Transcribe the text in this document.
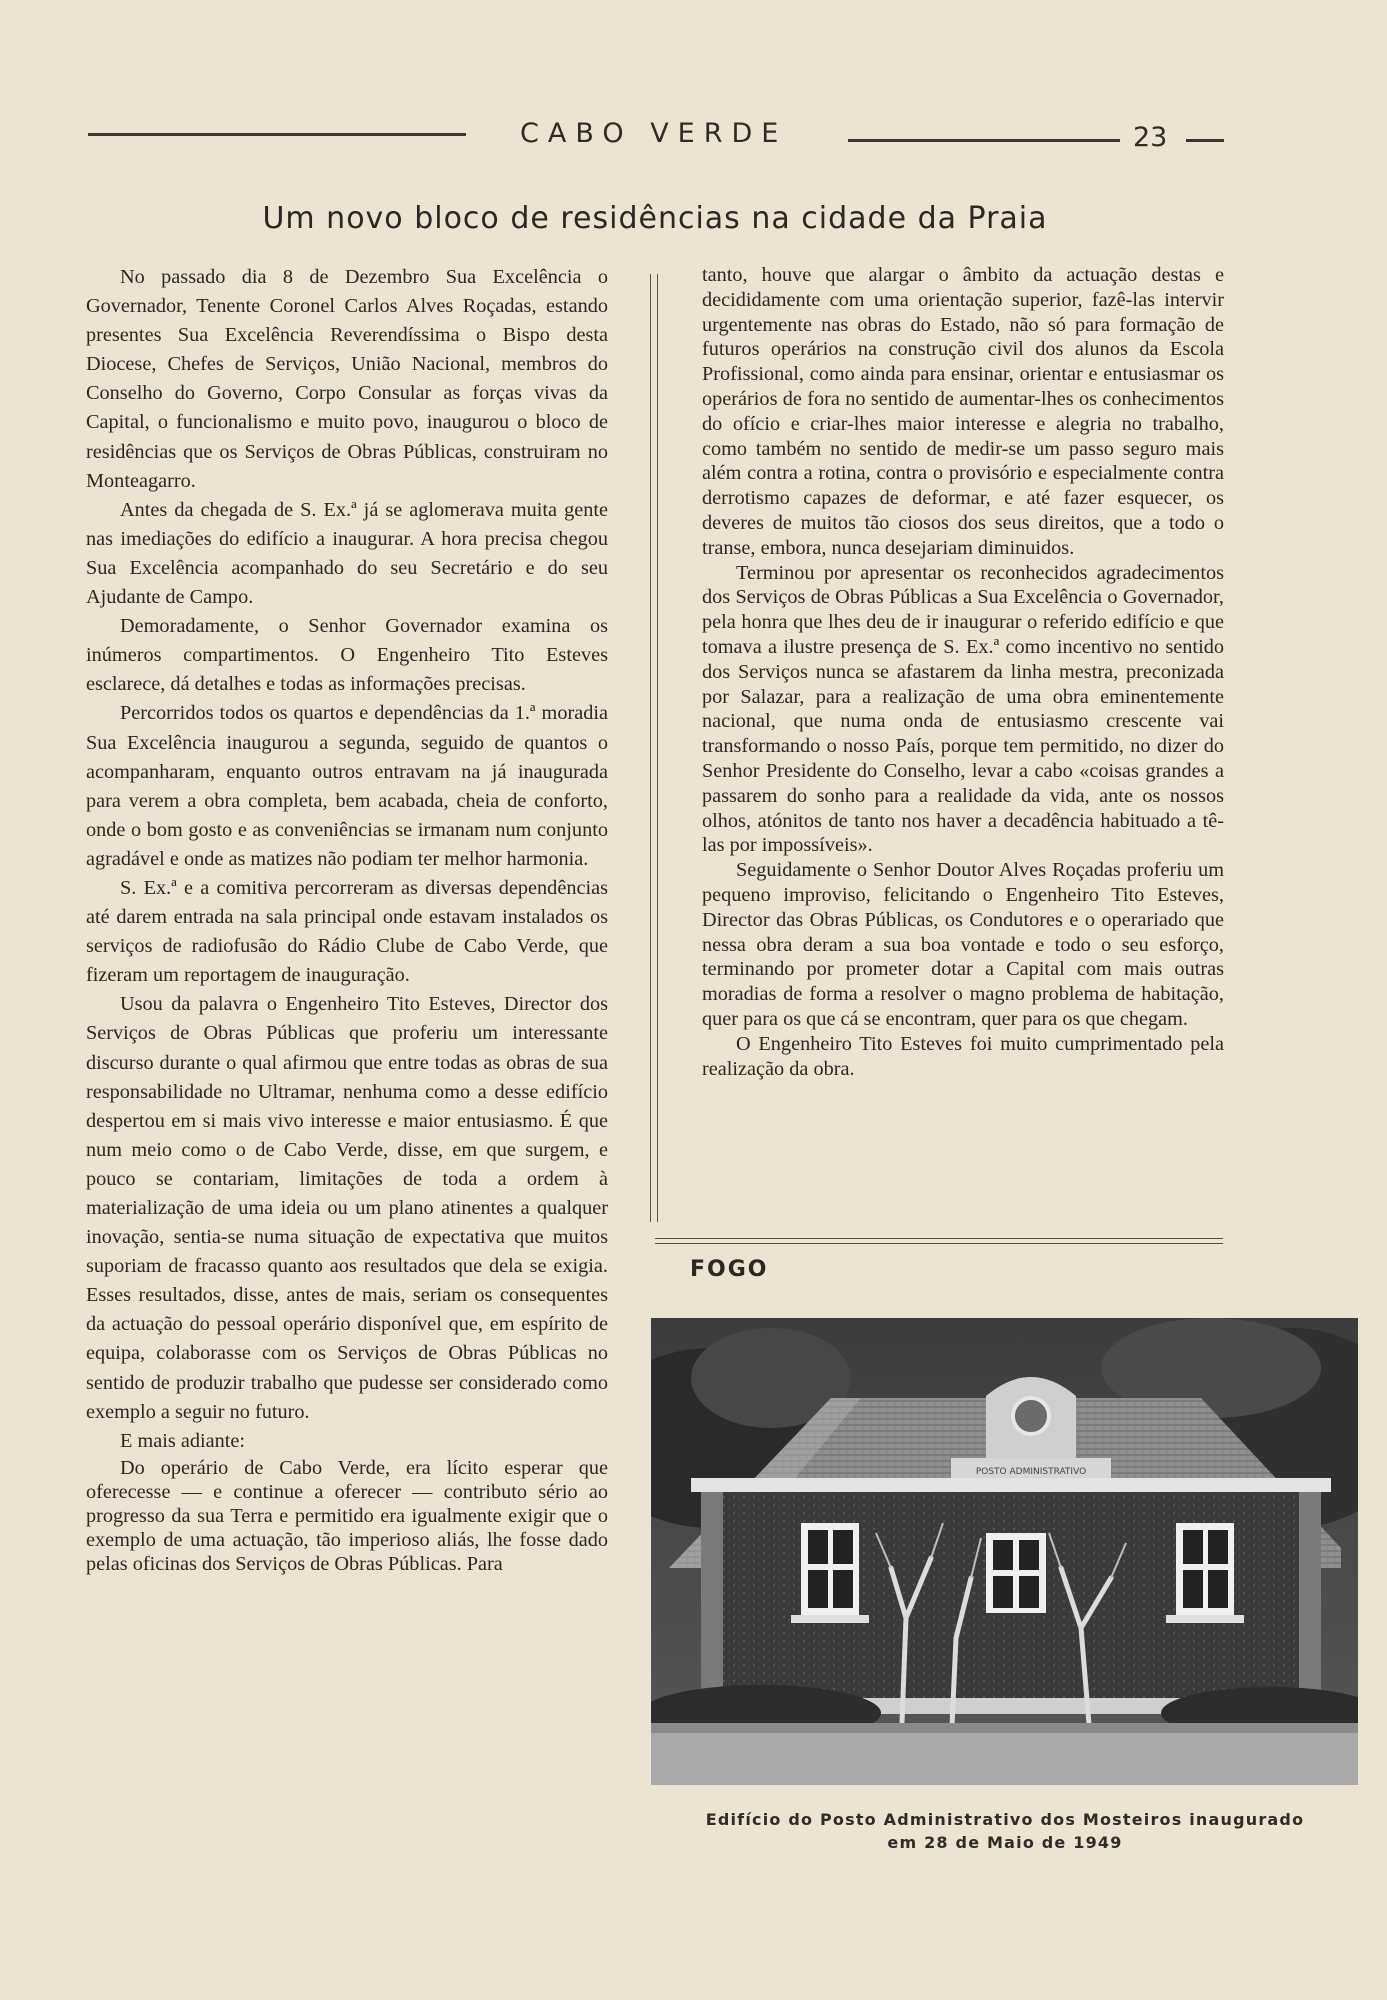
CABO VERDE	23
Um novo bloco de residências na cidade da Praia

No passado dia 8 de Dezembro Sua Excelência o Governador, Tenente Coronel Carlos Alves Roçadas, estando presentes Sua Excelência Reverendíssima o Bispo desta Diocese, Chefes de Serviços, União Nacional, membros do Conselho do Governo, Corpo Consular as forças vivas da Capital, o funcionalismo e muito povo, inaugurou o bloco de residências que os Serviços de Obras Públicas, construiram no Monteagarro.

Antes da chegada de S. Ex.ª já se aglomerava muita gente nas imediações do edifício a inaugurar. A hora precisa chegou Sua Excelência acompanhado do seu Secretário e do seu Ajudante de Campo.

Demoradamente, o Senhor Governador examina os inúmeros compartimentos. O Engenheiro Tito Esteves esclarece, dá detalhes e todas as informações precisas.

Percorridos todos os quartos e dependências da 1.ª moradia Sua Excelência inaugurou a segunda, seguido de quantos o acompanharam, enquanto outros entravam na já inaugurada para verem a obra completa, bem acabada, cheia de conforto, onde o bom gosto e as conveniências se irmanam num conjunto agradável e onde as matizes não podiam ter melhor harmonia.

S. Ex.ª e a comitiva percorreram as diversas dependências até darem entrada na sala principal onde estavam instalados os serviços de radiofusão do Rádio Clube de Cabo Verde, que fizeram um reportagem de inauguração.

Usou da palavra o Engenheiro Tito Esteves, Director dos Serviços de Obras Públicas que proferiu um interessante discurso durante o qual afirmou que entre todas as obras de sua responsabilidade no Ultramar, nenhuma como a desse edifício despertou em si mais vivo interesse e maior entusiasmo. É que num meio como o de Cabo Verde, disse, em que surgem, e pouco se contariam, limitações de toda a ordem à materialização de uma ideia ou um plano atinentes a qualquer inovação, sentia-se numa situação de expectativa que muitos suporiam de fracasso quanto aos resultados que dela se exigia. Esses resultados, disse, antes de mais, seriam os consequentes da actuação do pessoal operário disponível que, em espírito de equipa, colaborasse com os Serviços de Obras Públicas no sentido de produzir trabalho que pudesse ser considerado como exemplo a seguir no futuro.

E mais adiante:

Do operário de Cabo Verde, era lícito esperar que oferecesse — e continue a oferecer — contributo sério ao progresso da sua Terra e permitido era igualmente exigir que o exemplo de uma actuação, tão imperioso aliás, lhe fosse dado pelas oficinas dos Serviços de Obras Públicas. Para

tanto, houve que alargar o âmbito da actuação destas e decididamente com uma orientação superior, fazê-las intervir urgentemente nas obras do Estado, não só para formação de futuros operários na construção civil dos alunos da Escola Profissional, como ainda para ensinar, orientar e entusiasmar os operários de fora no sentido de aumentar-lhes os conhecimentos do ofício e criar-lhes maior interesse e alegria no trabalho, como também no sentido de medir-se um passo seguro mais além contra a rotina, contra o provisório e especialmente contra derrotismo capazes de deformar, e até fazer esquecer, os deveres de muitos tão ciosos dos seus direitos, que a todo o transe, embora, nunca desejariam diminuidos.

Terminou por apresentar os reconhecidos agradecimentos dos Serviços de Obras Públicas a Sua Excelência o Governador, pela honra que lhes deu de ir inaugurar o referido edifício e que tomava a ilustre presença de S. Ex.ª como incentivo no sentido dos Serviços nunca se afastarem da linha mestra, preconizada por Salazar, para a realização de uma obra eminentemente nacional, que numa onda de entusiasmo crescente vai transformando o nosso País, porque tem permitido, no dizer do Senhor Presidente do Conselho, levar a cabo «coisas grandes a passarem do sonho para a realidade da vida, ante os nossos olhos, atónitos de tanto nos haver a decadência habituado a tê-las por impossíveis».

Seguidamente o Senhor Doutor Alves Roçadas proferiu um pequeno improviso, felicitando o Engenheiro Tito Esteves, Director das Obras Públicas, os Condutores e o operariado que nessa obra deram a sua boa vontade e todo o seu esforço, terminando por prometer dotar a Capital com mais outras moradias de forma a resolver o magno problema de habitação, quer para os que cá se encontram, quer para os que chegam.

O Engenheiro Tito Esteves foi muito cumprimentado pela realização da obra.

FOGO
POSTO ADMINISTRATIVO
Edifício do Posto Administrativo dos Mosteiros inaugurado
em 28 de Maio de 1949
